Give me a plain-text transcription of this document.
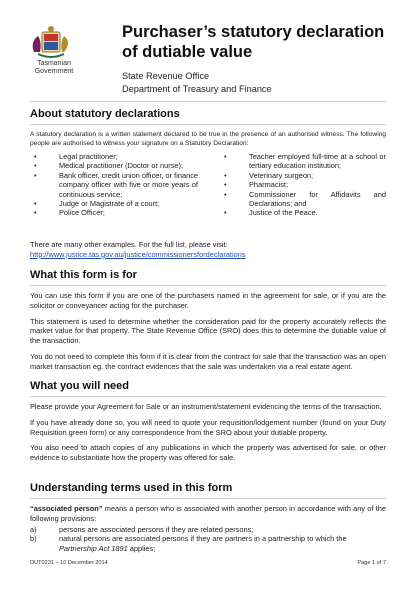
Tasmanian
Government
Purchaser’s statutory declaration
of dutiable value
State Revenue Office
Department of Treasury and Finance
About statutory declarations

A statutory declaration is a written statement declared to be true in the presence of an authorised witness. The following people are authorised to witness your signature on a Statutory Declaration:

•	Legal practitioner;
•	Medical practitioner (Doctor or nurse);
•	Bank officer, credit union officer, or finance company officer with five or more years of continuous service;
•	Judge or Magistrate of a court;
•	Police Officer;
•	Teacher employed full-time at a school or tertiary education institution;
•	Veterinary surgeon;
•	Pharmacist;
•	Commissioner for Affidavits and Declarations; and
•	Justice of the Peace.

There are many other examples. For the full list, please visit:

http://www.justice.tas.gov.au/justice/commissionersfordeclarations

What this form is for

You can use this form if you are one of the purchasers named in the agreement for sale, or if you are the solicitor or conveyancer acting for the purchaser.

This statement is used to determine whether the consideration paid for the property accurately reflects the market value for that property. The State Revenue Office (SRO) does this to determine the dutiable value of the transaction.

You do not need to complete this form if it is clear from the contract for sale that the transaction was an open market transaction eg. the contract evidences that the sale was undertaken via a real estate agent.

What you will need

Please provide your Agreement for Sale or an instrument/statement evidencing the terms of the transaction.

If you have already done so, you will need to quote your requisition/lodgement number (found on your Duty Requisition green form) or any correspondence from the SRO about your dutiable property.

You also need to attach copies of any publications in which the property was advertised for sale, or other evidence to substantiate how the property was offered for sale.

Understanding terms used in this form

“associated person” means a person who is associated with another person in accordance with any of the following provisions:

a)	persons are associated persons if they are related persons;
b)	natural persons are associated persons if they are partners in a partnership to which the Partnership Act 1891 applies;
DUT0231 – 10 December 2014	Page 1 of 7
